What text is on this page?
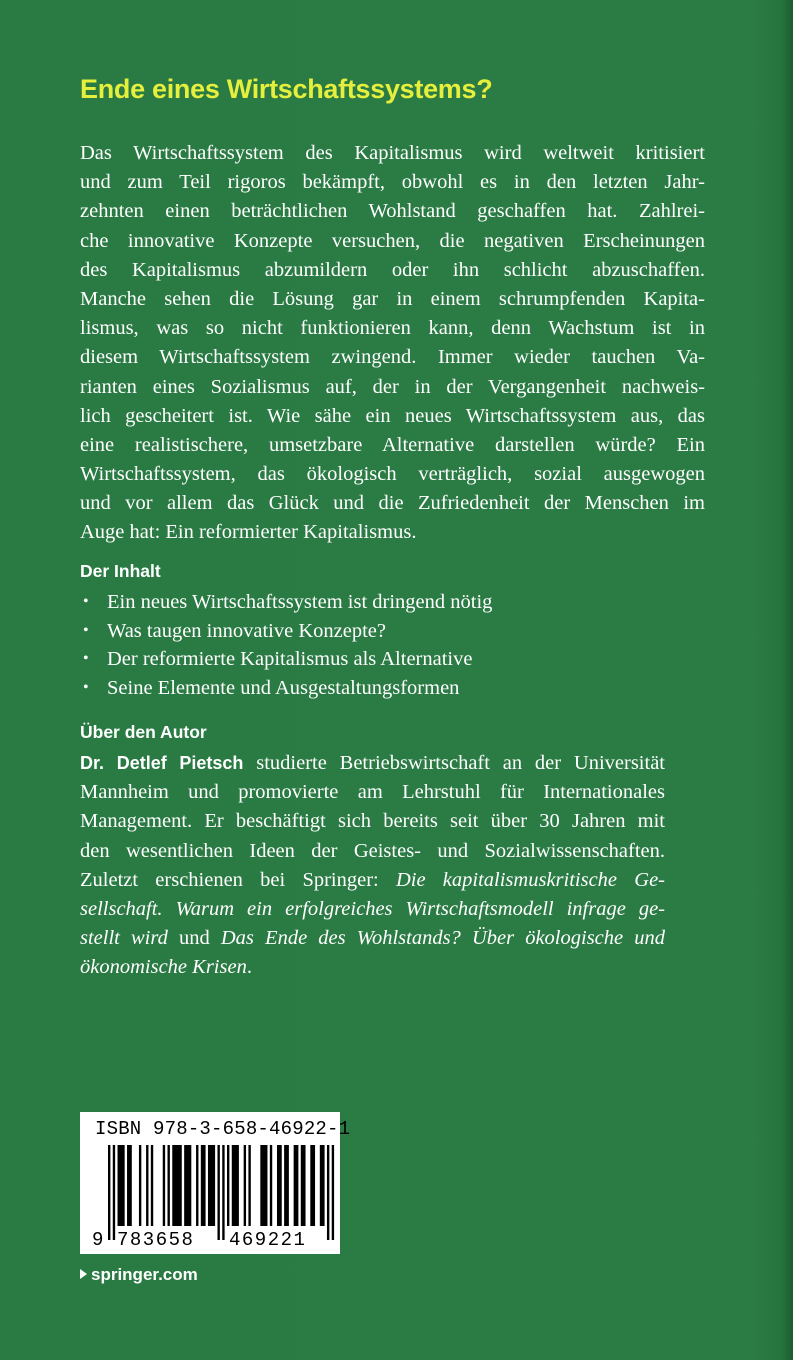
Ende eines Wirtschaftssystems?
Das Wirtschaftssystem des Kapitalismus wird weltweit kritisiert
und zum Teil rigoros bekämpft, obwohl es in den letzten Jahr-
zehnten einen beträchtlichen Wohlstand geschaffen hat. Zahlrei-
che innovative Konzepte versuchen, die negativen Erscheinungen
des Kapitalismus abzumildern oder ihn schlicht abzuschaffen.
Manche sehen die Lösung gar in einem schrumpfenden Kapita-
lismus, was so nicht funktionieren kann, denn Wachstum ist in
diesem Wirtschaftssystem zwingend. Immer wieder tauchen Va-
rianten eines Sozialismus auf, der in der Vergangenheit nachweis-
lich gescheitert ist. Wie sähe ein neues Wirtschaftssystem aus, das
eine realistischere, umsetzbare Alternative darstellen würde? Ein
Wirtschaftssystem, das ökologisch verträglich, sozial ausgewogen
und vor allem das Glück und die Zufriedenheit der Menschen im
Auge hat: Ein reformierter Kapitalismus.
Der Inhalt
• Ein neues Wirtschaftssystem ist dringend nötig
• Was taugen innovative Konzepte?
• Der reformierte Kapitalismus als Alternative
• Seine Elemente und Ausgestaltungsformen
Über den Autor
Dr. Detlef Pietsch studierte Betriebswirtschaft an der Universität
Mannheim und promovierte am Lehrstuhl für Internationales
Management. Er beschäftigt sich bereits seit über 30 Jahren mit
den wesentlichen Ideen der Geistes- und Sozialwissenschaften.
Zuletzt erschienen bei Springer: Die kapitalismuskritische Ge-
sellschaft. Warum ein erfolgreiches Wirtschaftsmodell infrage ge-
stellt wird und Das Ende des Wohlstands? Über ökologische und
ökonomische Krisen.
ISBN 978-3-658-46922-1
9 783658 469221
springer.com
